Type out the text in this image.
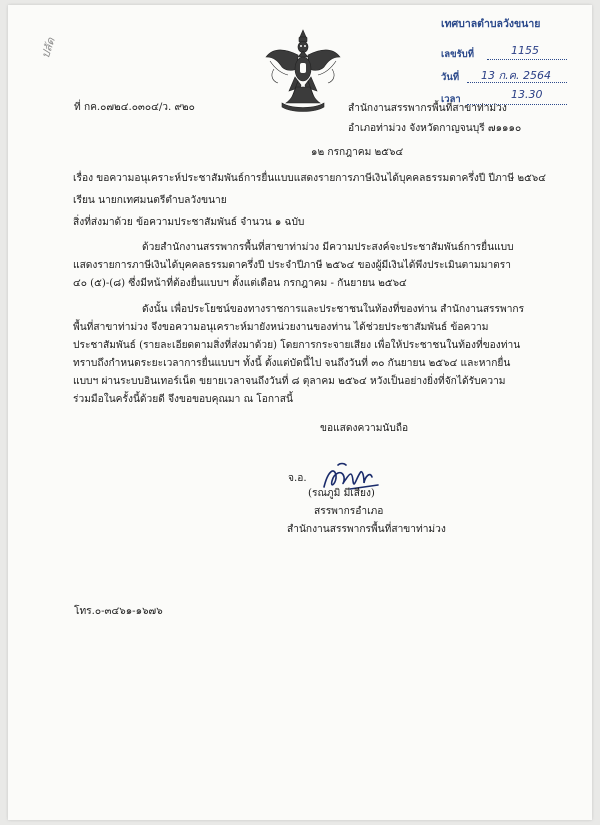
ปลัด
เทศบาลตำบลวังขนาย
เลขรับที่	1155
วันที่ 13 ก.ค. 2564
เวลา	13.30
ที่ กค.๐๗๒๔.๐๓๐๔/ว. ๙๒๐	สำนักงานสรรพากรพื้นที่สาขาท่าม่วง
อำเภอท่าม่วง จังหวัดกาญจนบุรี ๗๑๑๑๐
๑๒ กรกฎาคม ๒๕๖๔
เรื่อง ขอความอนุเคราะห์ประชาสัมพันธ์การยื่นแบบแสดงรายการภาษีเงินได้บุคคลธรรมดาครึ่งปี ปีภาษี ๒๕๖๔
เรียน นายกเทศมนตรีตำบลวังขนาย
สิ่งที่ส่งมาด้วย ข้อความประชาสัมพันธ์ จำนวน ๑ ฉบับ
ด้วยสำนักงานสรรพากรพื้นที่สาขาท่าม่วง มีความประสงค์จะประชาสัมพันธ์การยื่นแบบ
แสดงรายการภาษีเงินได้บุคคลธรรมดาครึ่งปี ประจำปีภาษี ๒๕๖๔ ของผู้มีเงินได้พึงประเมินตามมาตรา
๔๐ (๕)-(๘) ซึ่งมีหน้าที่ต้องยื่นแบบฯ ตั้งแต่เดือน กรกฎาคม - กันยายน ๒๕๖๔
ดังนั้น เพื่อประโยชน์ของทางราชการและประชาชนในท้องที่ของท่าน สำนักงานสรรพากร
พื้นที่สาขาท่าม่วง จึงขอความอนุเคราะห์มายังหน่วยงานของท่าน ได้ช่วยประชาสัมพันธ์ ข้อความ
ประชาสัมพันธ์ (รายละเอียดตามสิ่งที่ส่งมาด้วย) โดยการกระจายเสียง เพื่อให้ประชาชนในท้องที่ของท่าน
ทราบถึงกำหนดระยะเวลาการยื่นแบบฯ ทั้งนี้ ตั้งแต่บัดนี้ไป จนถึงวันที่ ๓๐ กันยายน ๒๕๖๔ และหากยื่น
แบบฯ ผ่านระบบอินเทอร์เน็ต ขยายเวลาจนถึงวันที่ ๘ ตุลาคม ๒๕๖๔ หวังเป็นอย่างยิ่งที่จักได้รับความ
ร่วมมือในครั้งนี้ด้วยดี จึงขอขอบคุณมา ณ โอกาสนี้
ขอแสดงความนับถือ
จ.อ.
(รณภูมิ มีเสียง)
สรรพากรอำเภอ
สำนักงานสรรพากรพื้นที่สาขาท่าม่วง
โทร.๐-๓๔๖๑-๑๖๗๖
